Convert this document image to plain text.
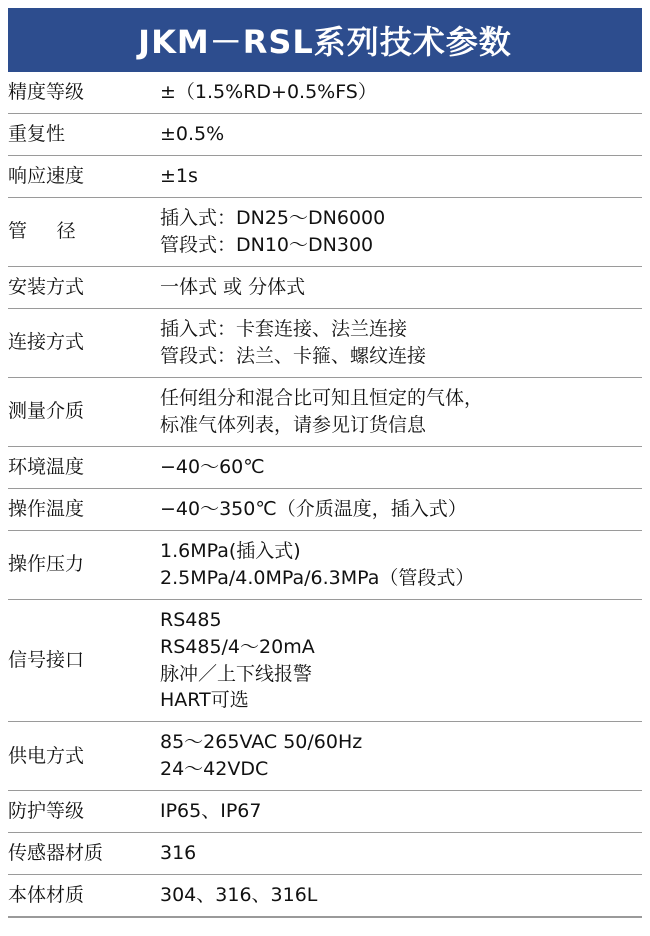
JKM－RSL系列技术参数
精度等级	±（1.5%RD+0.5%FS）

重复性	±0.5%

响应速度	±1s

管　径	插入式：DN25～DN6000
管段式：DN10～DN300

安装方式	一体式 或 分体式

连接方式	插入式：卡套连接、法兰连接
管段式：法兰、卡箍、螺纹连接

测量介质	任何组分和混合比可知且恒定的气体，
标准气体列表，请参见订货信息

环境温度	−40～60℃

操作温度	−40～350℃（介质温度，插入式）

操作压力	1.6MPa(插入式)
2.5MPa/4.0MPa/6.3MPa（管段式）

信号接口	RS485
RS485/4～20mA
脉冲／上下线报警
HART可选

供电方式	85～265VAC 50/60Hz
24～42VDC

防护等级	IP65、IP67

传感器材质	316

本体材质	304、316、316L
